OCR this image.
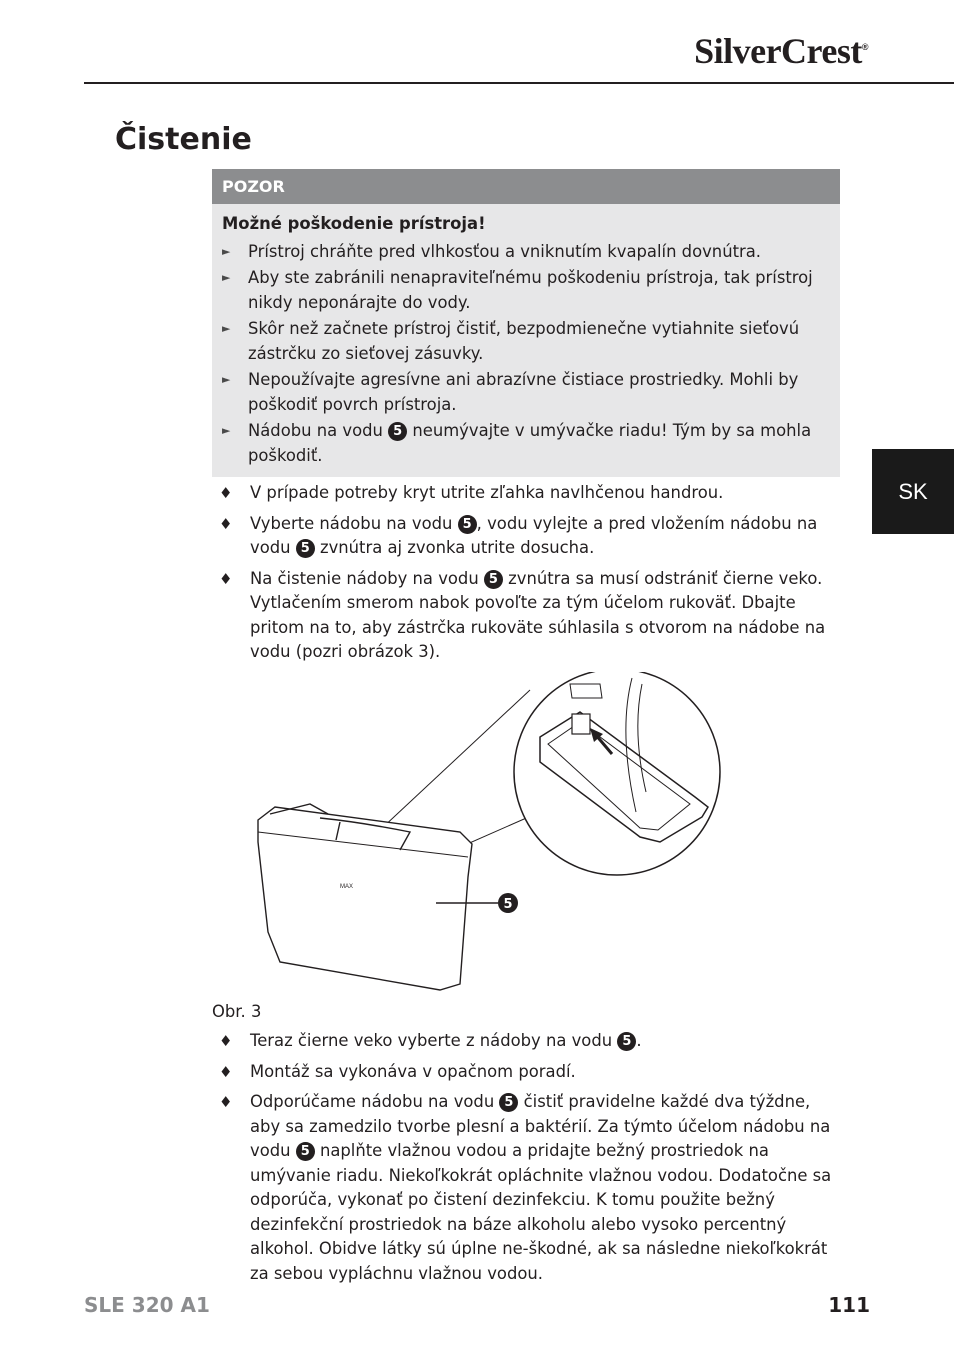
SilverCrest®
Čistenie
SK
POZOR
Možné poškodenie prístroja!
► Prístroj chráňte pred vlhkosťou a vniknutím kvapalín dovnútra.
► Aby ste zabránili nenapraviteľnému poškodeniu prístroja, tak prístroj nikdy neponárajte do vody.
► Skôr než začnete prístroj čistiť, bezpodmienečne vytiahnite sieťovú zástrčku zo sieťovej zásuvky.
► Nepoužívajte agresívne ani abrazívne čistiace prostriedky. Mohli by poškodiť povrch prístroja.
► Nádobu na vodu 5 neumývajte v umývačke riadu! Tým by sa mohla poškodiť.
♦ V prípade potreby kryt utrite zľahka navlhčenou handrou.
♦ Vyberte nádobu na vodu 5 , vodu vylejte a pred vložením nádobu na vodu 5 zvnútra aj zvonka utrite dosucha.
♦ Na čistenie nádoby na vodu 5 zvnútra sa musí odstrániť čierne veko. Vytlačením smerom nabok povoľte za tým účelom rukoväť. Dbajte pritom na to, aby zástrčka rukoväte súhlasila s otvorom na nádobe na vodu (pozri obrázok 3).
MAX
5
Obr. 3
♦ Teraz čierne veko vyberte z nádoby na vodu 5 .
♦ Montáž sa vykonáva v opačnom poradí.
♦ Odporúčame nádobu na vodu 5 čistiť pravidelne každé dva týždne, aby sa zamedzilo tvorbe plesní a baktérií. Za týmto účelom nádobu na vodu 5 naplňte vlažnou vodou a pridajte bežný prostriedok na umývanie riadu. Niekoľkokrát opláchnite vlažnou vodou. Dodatočne sa odporúča, vykonať po čistení dezinfekciu. K tomu použite bežný dezinfekční prostriedok na báze alkoholu alebo vysoko percentný alkohol. Obidve látky sú úplne ne-škodné, ak sa následne niekoľkokrát za sebou vypláchnu vlažnou vodou.
SLE 320 A1	111
